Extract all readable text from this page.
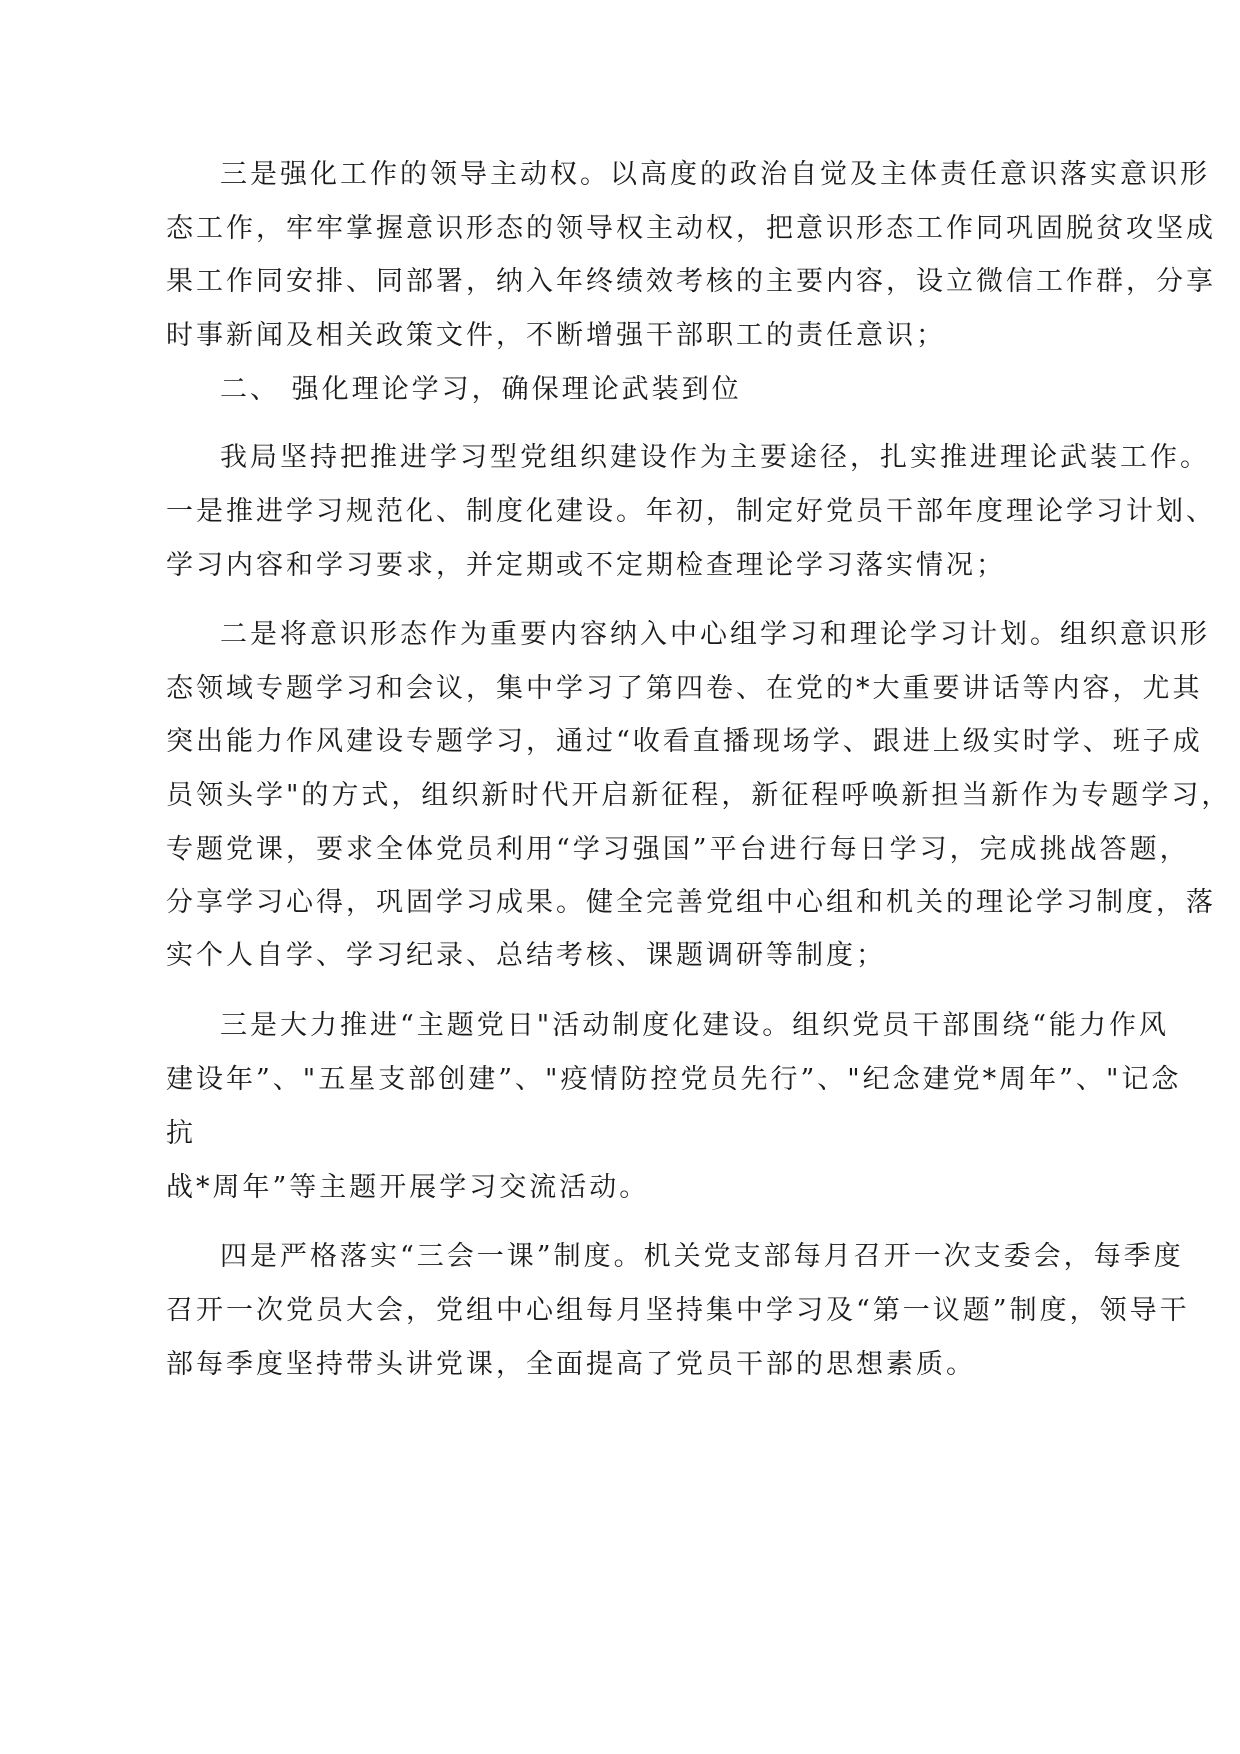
三是强化工作的领导主动权。以高度的政治自觉及主体责任意识落实意识形
态工作，牢牢掌握意识形态的领导权主动权，把意识形态工作同巩固脱贫攻坚成
果工作同安排、同部署，纳入年终绩效考核的主要内容，设立微信工作群，分享
时事新闻及相关政策文件，不断增强干部职工的责任意识；
二、 强化理论学习，确保理论武装到位
我局坚持把推进学习型党组织建设作为主要途径，扎实推进理论武装工作。
一是推进学习规范化、制度化建设。年初，制定好党员干部年度理论学习计划、
学习内容和学习要求，并定期或不定期检查理论学习落实情况；
二是将意识形态作为重要内容纳入中心组学习和理论学习计划。组织意识形
态领域专题学习和会议，集中学习了第四卷、在党的*大重要讲话等内容，尤其
突出能力作风建设专题学习，通过“收看直播现场学、跟进上级实时学、班子成
员领头学"的方式，组织新时代开启新征程，新征程呼唤新担当新作为专题学习，
专题党课，要求全体党员利用“学习强国”平台进行每日学习，完成挑战答题，
分享学习心得，巩固学习成果。健全完善党组中心组和机关的理论学习制度，落
实个人自学、学习纪录、总结考核、课题调研等制度；
三是大力推进“主题党日"活动制度化建设。组织党员干部围绕“能力作风
建设年”、"五星支部创建”、"疫情防控党员先行”、"纪念建党*周年”、"记念
抗
战*周年”等主题开展学习交流活动。
四是严格落实“三会一课”制度。机关党支部每月召开一次支委会，每季度
召开一次党员大会，党组中心组每月坚持集中学习及“第一议题”制度，领导干
部每季度坚持带头讲党课，全面提高了党员干部的思想素质。
